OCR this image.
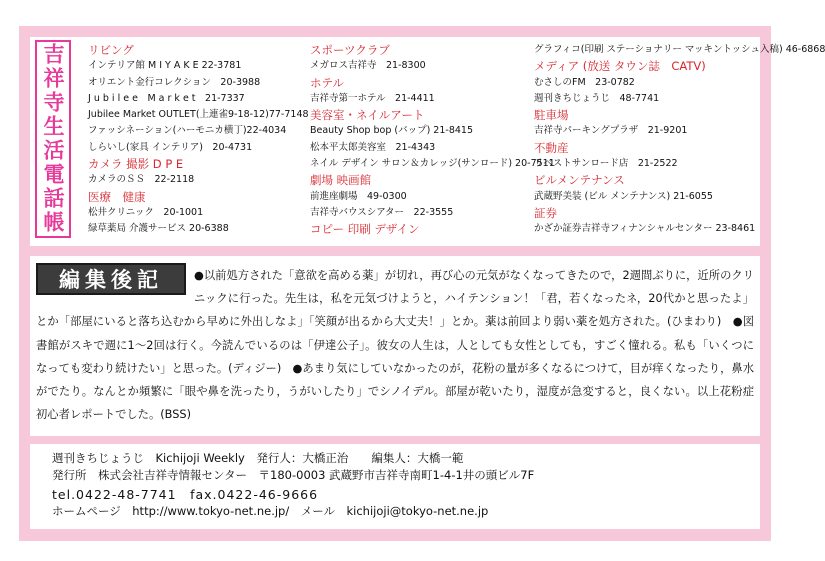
吉祥寺生活電話帳 リビング
インテリア館 M I Y A K E 22-3781
オリエント金行コレクション　20-3988
J u b i l e e　M a r k e t　21-7337
Jubilee Market OUTLET(上連雀9-18-12)77-7148
ファッシネーション(ハーモニカ横丁)22-4034
しらいし(家具 インテリア)　20-4731
カメラ 撮影 D P E
カメラのＳＳ　22-2118
医療　健康
松井クリニック　20-1001
緑草薬局 介護サービス 20-6388
スポーツクラブ
メガロス吉祥寺　21-8300
ホテル
吉祥寺第一ホテル　21-4411
美容室・ネイルアート
Beauty Shop bop (バップ) 21-8415
松本平太郎美容室　21-4343
ネイル デザイン サロン＆カレッジ(サンロード) 20-7511
劇場 映画館
前進座劇場　49-0300
吉祥寺バウスシアター　22-3555
コピー 印刷 デザイン
グラフィコ(印刷 ステーショナリー マッキントッシュ入稿) 46-6868
メディア (放送 タウン誌　CATV)
むさしのFM　23-0782
週刊きちじょうじ　48-7741
駐車場
吉祥寺パーキングプラザ　21-9201
不動産
リベストサンロード店　21-2522
ビルメンテナンス
武蔵野美装 (ビル メンテナンス) 21-6055
証券
かざか証券吉祥寺フィナンシャルセンター 23-8461
●以前処方された「意欲を高める薬」が切れ，再び心の元気がなくなってきたので，2週間ぶりに，近所のクリニックに行った。先生は，私を元気づけようと，ハイテンション！「君，若くなったネ，20代かと思ったよ」とか「部屋にいると落ち込むから早めに外出しなよ」「笑顔が出るから大丈夫！」とか。薬は前回より弱い薬を処方された。(ひまわり)　●図書館がスキで週に1～2回は行く。今読んでいるのは「伊達公子」。彼女の人生は，人としても女性としても，すごく憧れる。私も「いくつになっても変わり続けたい」と思った。(ディジー)　●あまり気にしていなかったのが，花粉の量が多くなるにつけて，目が痒くなったり，鼻水がでたり。なんとか頻繁に「眼や鼻を洗ったり，うがいしたり」でシノイデル。部屋が乾いたり，湿度が急変すると，良くない。以上花粉症初心者レポートでした。(BSS)
編集後記
週刊きちじょうじ　Kichijoji Weekly　発行人：大橋正治　　編集人：大橋一範
発行所　株式会社吉祥寺情報センター　〒180-0003 武蔵野市吉祥寺南町1-4-1井の頭ビル7F
tel.0422-48-7741　fax.0422-46-9666
ホームページ　http://www.tokyo-net.ne.jp/　メール　kichijoji@tokyo-net.ne.jp
